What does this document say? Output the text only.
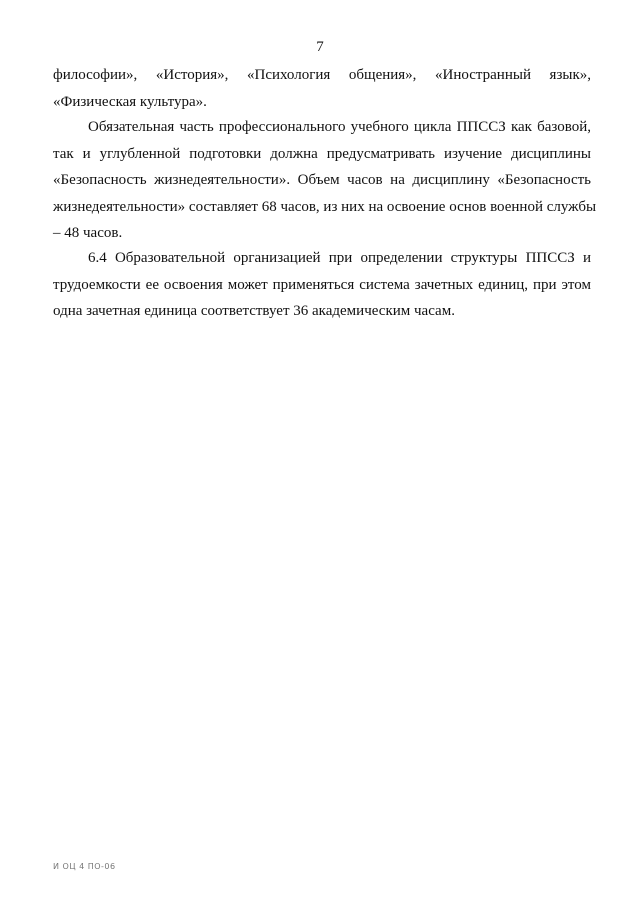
7
философии», «История», «Психология общения», «Иностранный язык»,
«Физическая культура».
Обязательная часть профессионального учебного цикла ППССЗ как базовой,
так и углубленной подготовки должна предусматривать изучение дисциплины
«Безопасность жизнедеятельности». Объем часов на дисциплину «Безопасность
жизнедеятельности» составляет 68 часов, из них на освоение основ военной службы
– 48 часов.
6.4 Образовательной организацией при определении структуры ППССЗ и
трудоемкости ее освоения может применяться система зачетных единиц, при этом
одна зачетная единица соответствует 36 академическим часам.
И ОЦ 4 ПО-06
